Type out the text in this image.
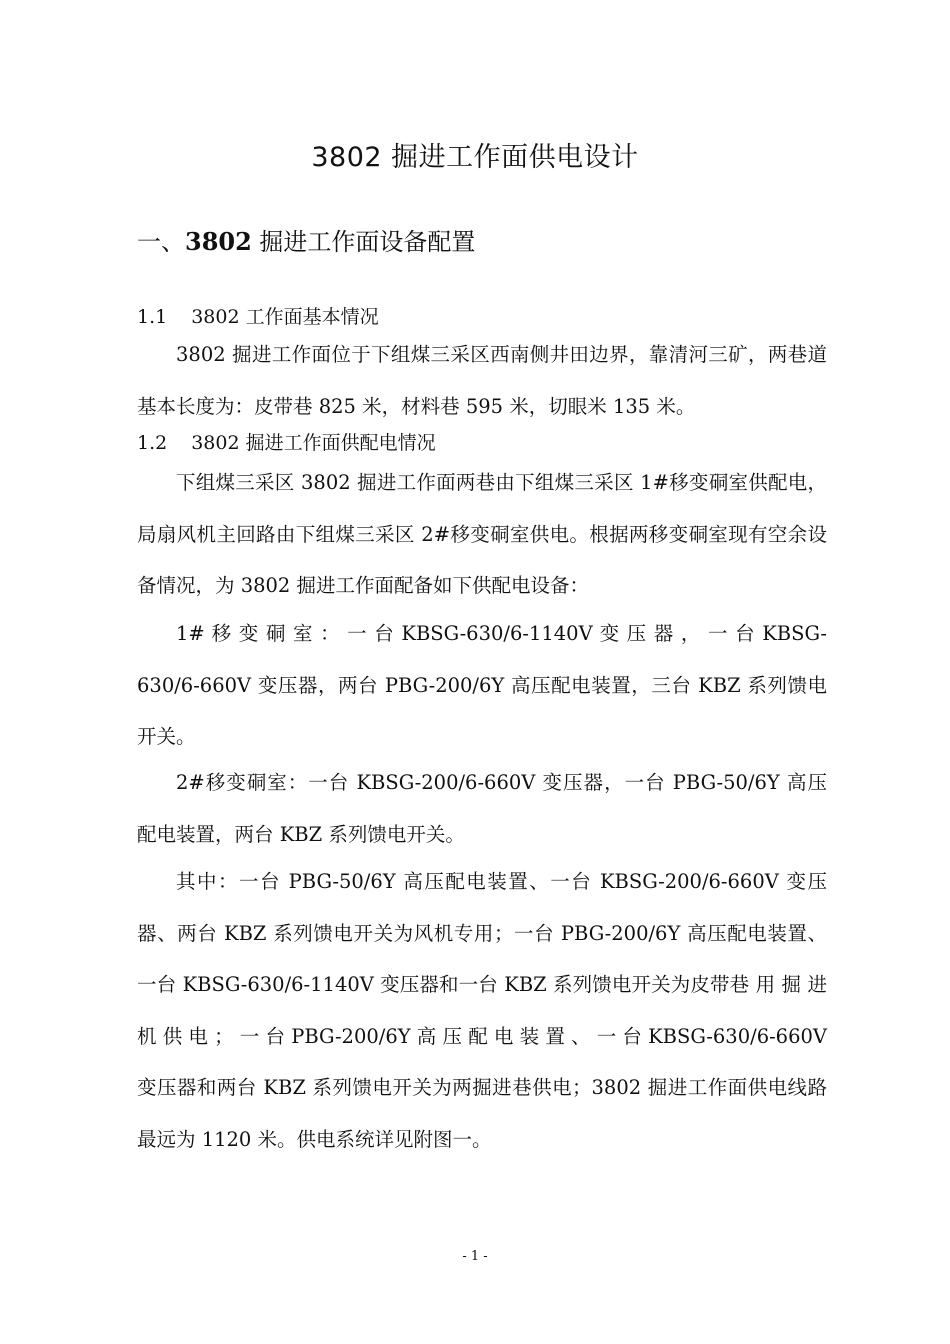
3802 掘进工作面供电设计
一、3802 掘进工作面设备配置
1.1 3802 工作面基本情况

3802 掘进工作面位于下组煤三采区西南侧井田边界，靠清河三矿，两巷道基本长度为：皮带巷 825 米，材料巷 595 米，切眼米 135 米。

1.2 3802 掘进工作面供配电情况

下组煤三采区 3802 掘进工作面两巷由下组煤三采区 1#移变硐室供配电，局扇风机主回路由下组煤三采区 2#移变硐室供电。根据两移变硐室现有空余设备情况，为 3802 掘进工作面配备如下供配电设备：

1# 移 变 硐 室 ： 一 台 KBSG-630/6-1140V 变 压 器 ， 一 台 KBSG-630/6-660V 变压器，两台 PBG-200/6Y 高压配电装置，三台 KBZ 系列馈电开关。

2#移变硐室：一台 KBSG-200/6-660V 变压器，一台 PBG-50/6Y 高压配电装置，两台 KBZ 系列馈电开关。

其中：一台 PBG-50/6Y 高压配电装置、一台 KBSG-200/6-660V 变压器、两台 KBZ 系列馈电开关为风机专用；一台 PBG-200/6Y 高压配电装置、一台 KBSG-630/6-1140V 变压器和一台 KBZ 系列馈电开关为皮带巷 用 掘 进 机 供 电 ； 一 台 PBG-200/6Y 高 压 配 电 装 置 、 一 台 KBSG-630/6-660V 变压器和两台 KBZ 系列馈电开关为两掘进巷供电；3802 掘进工作面供电线路最远为 1120 米。供电系统详见附图一。

- 1 -
